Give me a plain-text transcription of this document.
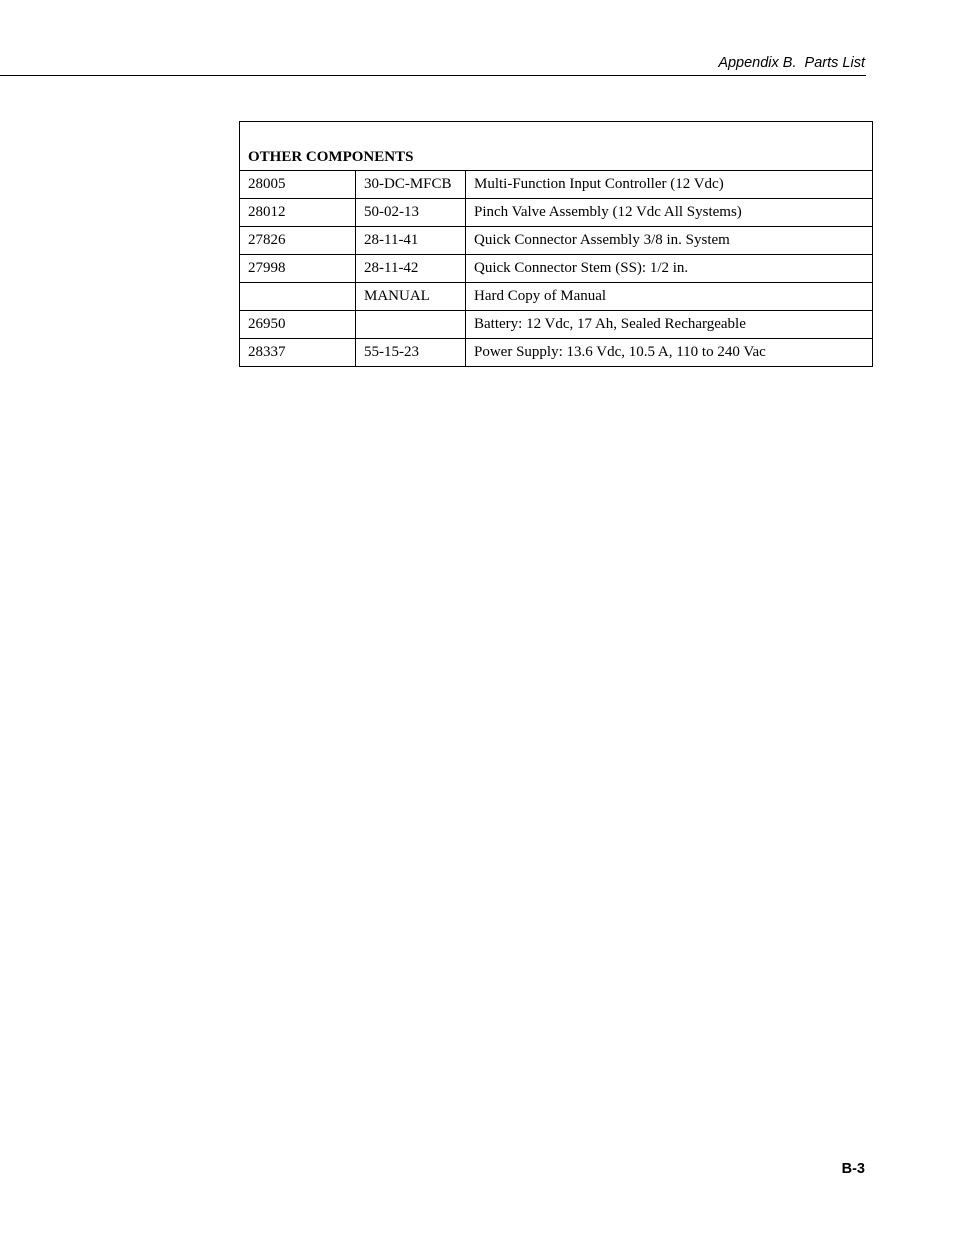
Appendix B.  Parts List
OTHER COMPONENTS		
28005	30-DC-MFCB	Multi-Function Input Controller (12 Vdc)
28012	50-02-13	Pinch Valve Assembly (12 Vdc All Systems)
27826	28-11-41	Quick Connector Assembly 3/8 in. System
27998	28-11-42	Quick Connector Stem (SS): 1/2 in.
	MANUAL	Hard Copy of Manual
26950		Battery: 12 Vdc, 17 Ah, Sealed Rechargeable
28337	55-15-23	Power Supply: 13.6 Vdc, 10.5 A, 110 to 240 Vac
B-3
